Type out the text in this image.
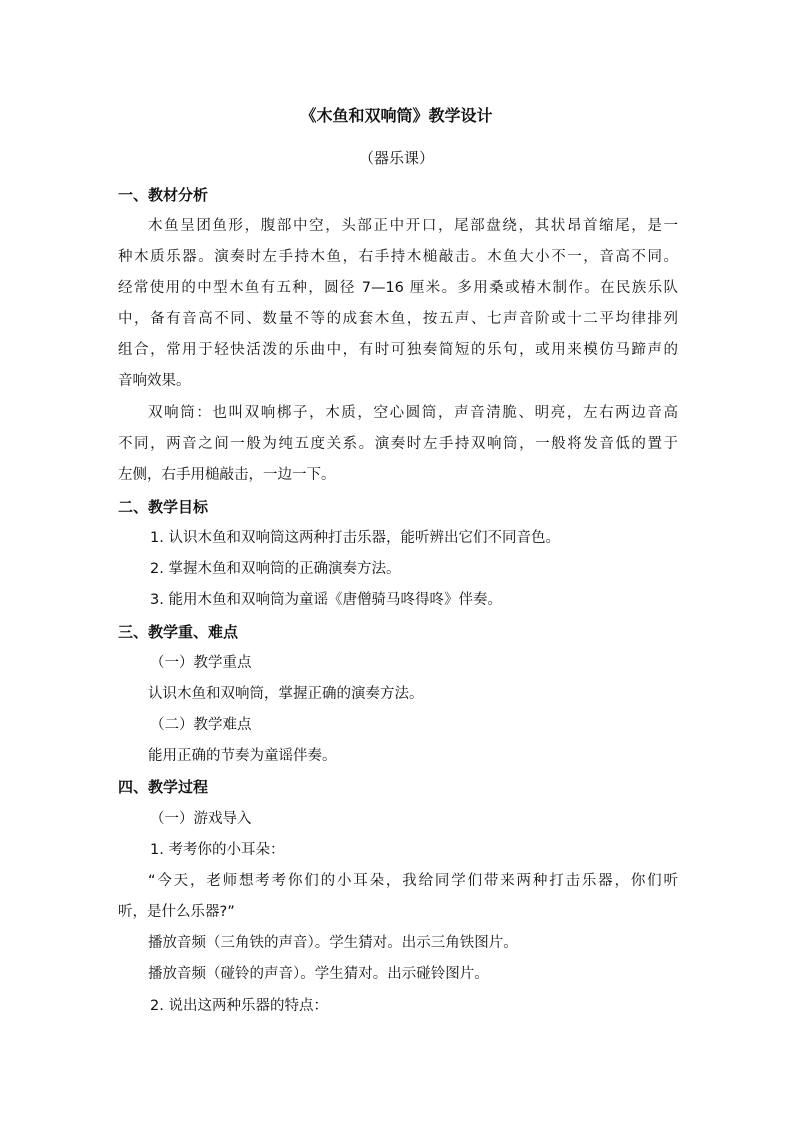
《木鱼和双响筒》教学设计
（器乐课）
一、教材分析
木鱼呈团鱼形，腹部中空，头部正中开口，尾部盘绕，其状昂首缩尾，是一
种木质乐器。演奏时左手持木鱼，右手持木槌敲击。木鱼大小不一，音高不同。
经常使用的中型木鱼有五种，圆径 7—16 厘米。多用桑或椿木制作。在民族乐队
中，备有音高不同、数量不等的成套木鱼，按五声、七声音阶或十二平均律排列
组合，常用于轻快活泼的乐曲中，有时可独奏简短的乐句，或用来模仿马蹄声的
音响效果。
双响筒：也叫双响梆子，木质，空心圆筒，声音清脆、明亮，左右两边音高
不同，两音之间一般为纯五度关系。演奏时左手持双响筒，一般将发音低的置于
左侧，右手用槌敲击，一边一下。
二、教学目标
1. 认识木鱼和双响筒这两种打击乐器，能听辨出它们不同音色。
2. 掌握木鱼和双响筒的正确演奏方法。
3. 能用木鱼和双响筒为童谣《唐僧骑马咚得咚》伴奏。
三、教学重、难点
（一）教学重点
认识木鱼和双响筒，掌握正确的演奏方法。
（二）教学难点
能用正确的节奏为童谣伴奏。
四、教学过程
（一）游戏导入
1. 考考你的小耳朵：
“今天，老师想考考你们的小耳朵，我给同学们带来两种打击乐器，你们听
听，是什么乐器?”
播放音频（三角铁的声音）。学生猜对。出示三角铁图片。
播放音频（碰铃的声音）。学生猜对。出示碰铃图片。
2. 说出这两种乐器的特点：
